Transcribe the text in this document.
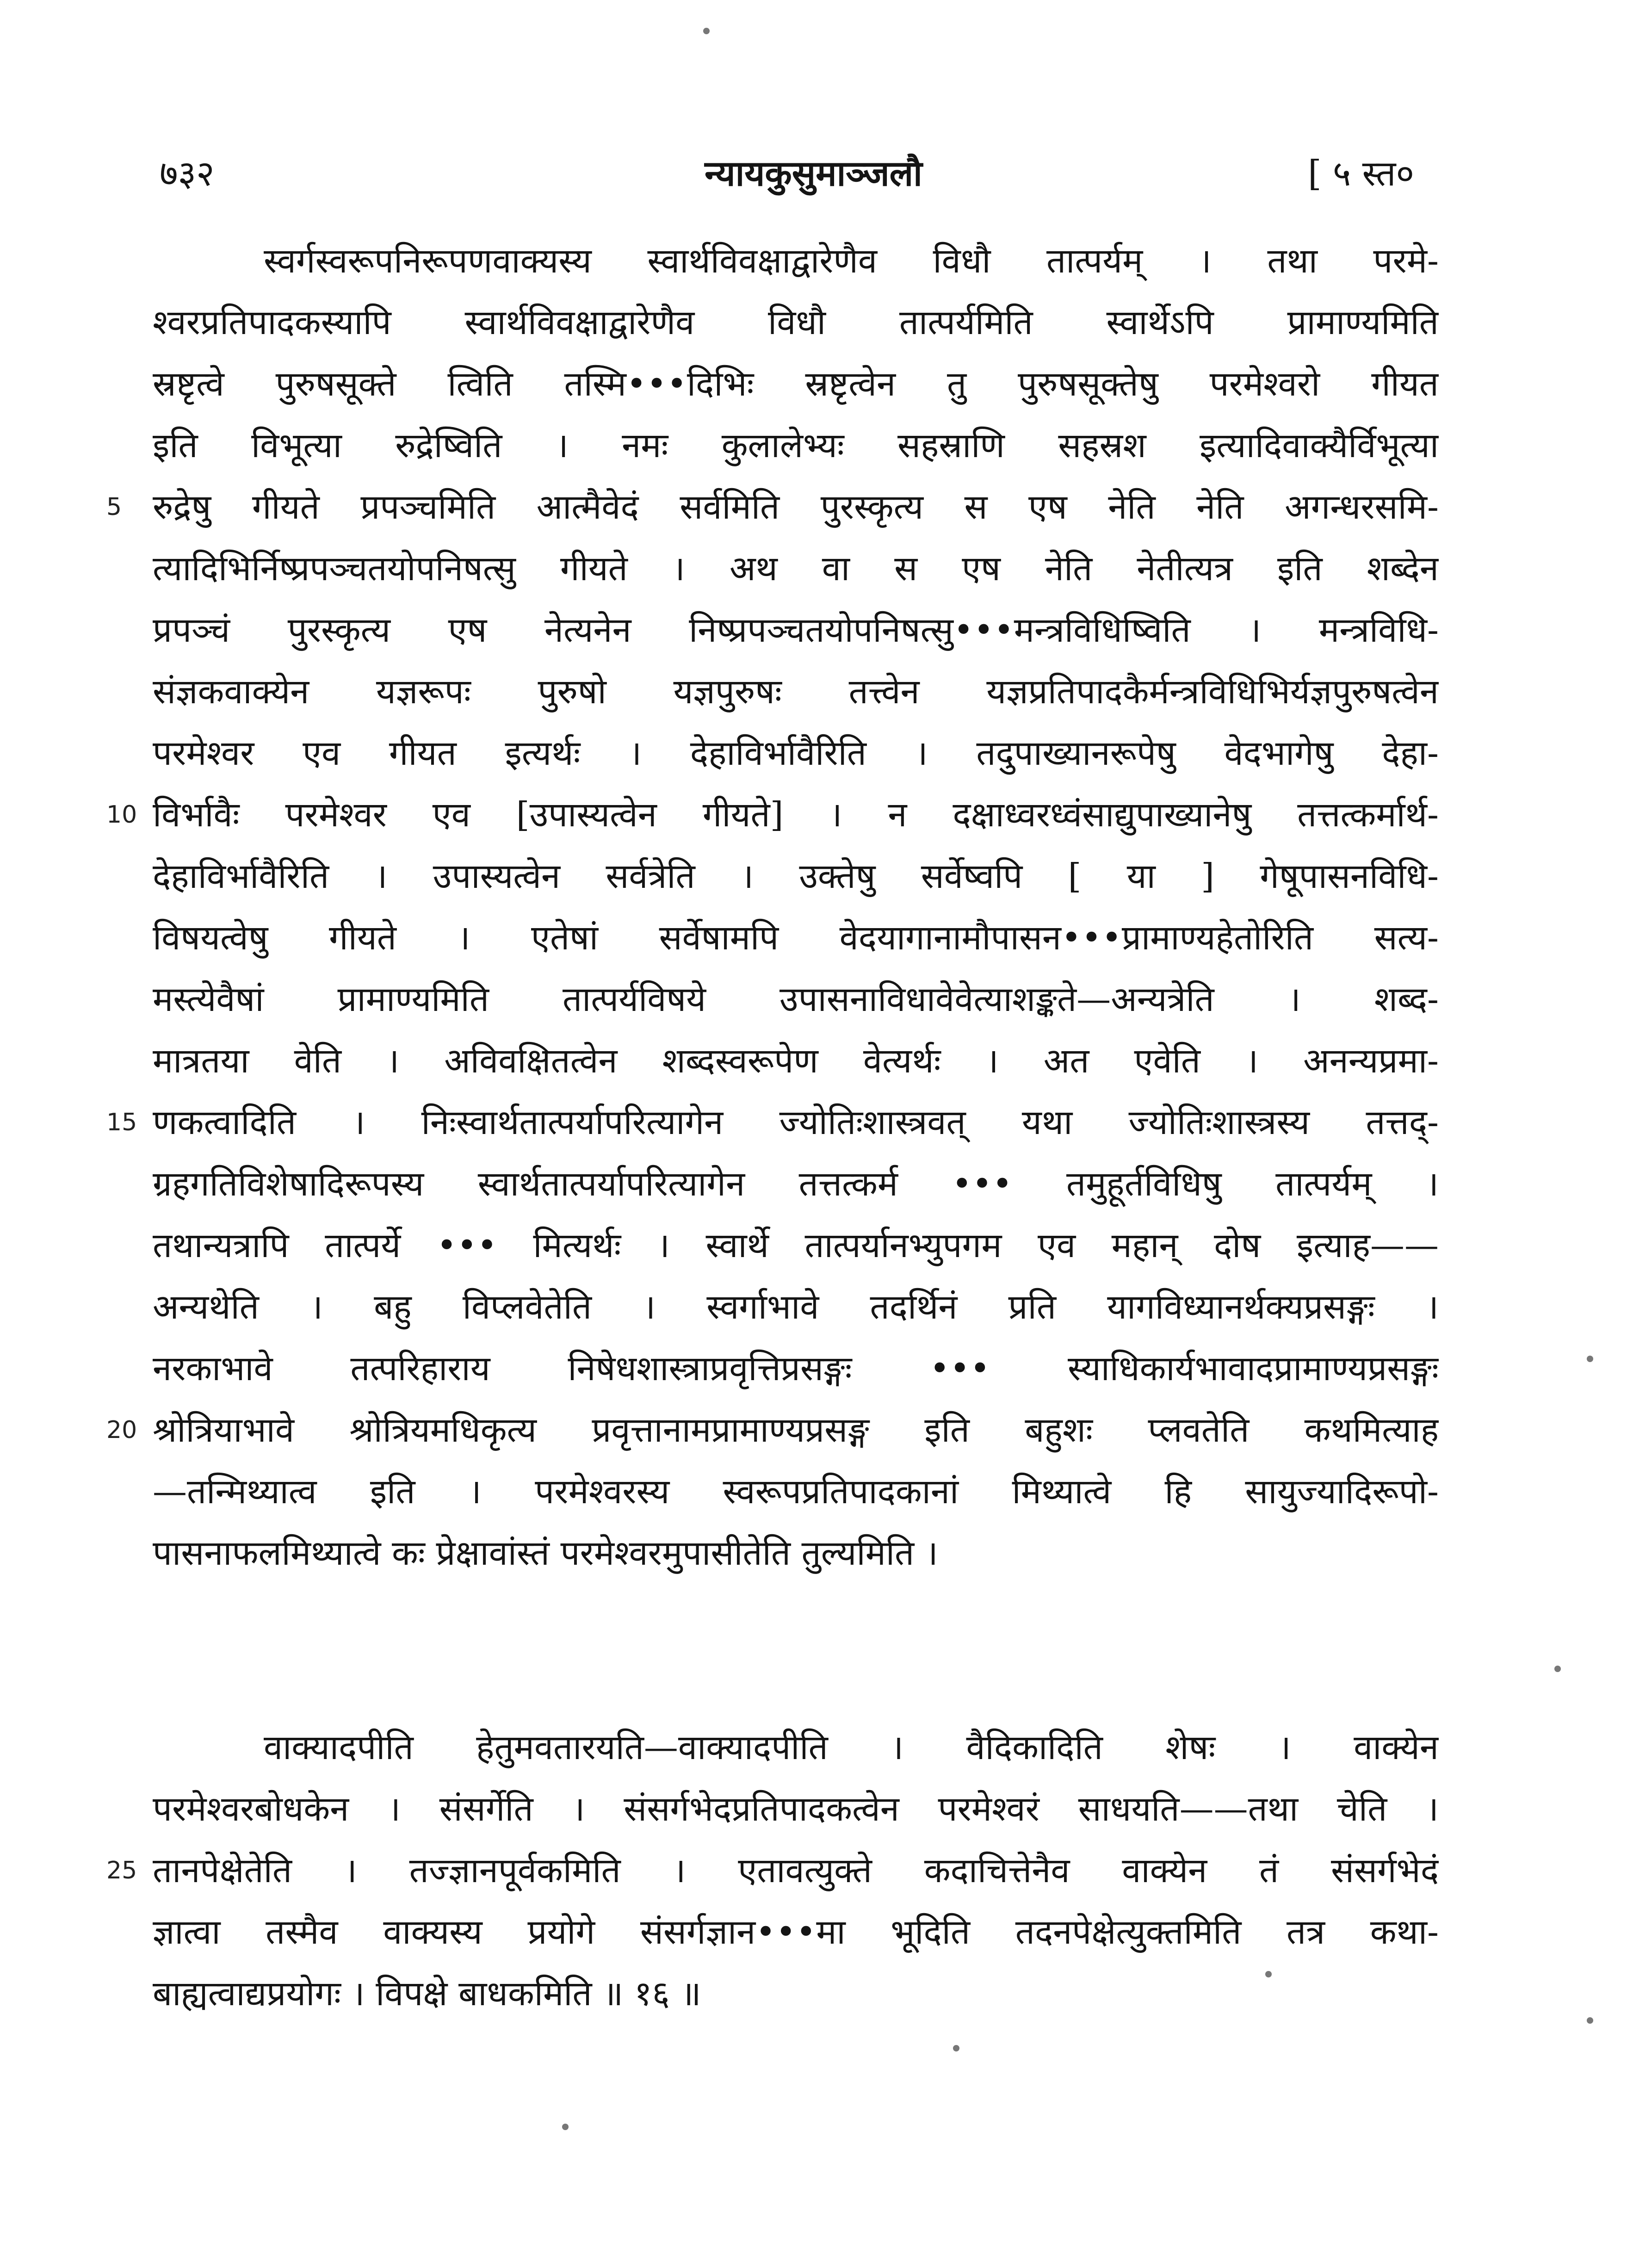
७३२	न्यायकुसुमाञ्जलौ	[ ५ स्त०
स्वर्गस्वरूपनिरूपणवाक्यस्य स्वार्थविवक्षाद्वारेणैव विधौ तात्पर्यम् । तथा परमे-
श्वरप्रतिपादकस्यापि स्वार्थविवक्षाद्वारेणैव विधौ तात्पर्यमिति स्वार्थेऽपि प्रामाण्यमिति
स्रष्टृत्वे पुरुषसूक्ते त्विति तस्मि•••दिभिः स्रष्टृत्वेन तु पुरुषसूक्तेषु परमेश्वरो गीयत
इति विभूत्या रुद्रेष्विति । नमः कुलालेभ्यः सहस्राणि सहस्रश इत्यादिवाक्यैर्विभूत्या
रुद्रेषु गीयते प्रपञ्चमिति आत्मैवेदं सर्वमिति पुरस्कृत्य स एष नेति नेति अगन्धरसमि-
5
त्यादिभिर्निष्प्रपञ्चतयोपनिषत्सु गीयते । अथ वा स एष नेति नेतीत्यत्र इति शब्देन
प्रपञ्चं पुरस्कृत्य एष नेत्यनेन निष्प्रपञ्चतयोपनिषत्सु•••मन्त्रविधिष्विति । मन्त्रविधि-
संज्ञकवाक्येन यज्ञरूपः पुरुषो यज्ञपुरुषः तत्त्वेन यज्ञप्रतिपादकैर्मन्त्रविधिभिर्यज्ञपुरुषत्वेन
परमेश्वर एव गीयत इत्यर्थः । देहाविर्भावैरिति । तदुपाख्यानरूपेषु वेदभागेषु देहा-
विर्भावैः परमेश्वर एव [उपास्यत्वेन गीयते] । न दक्षाध्वरध्वंसाद्युपाख्यानेषु तत्तत्कर्मार्थ-
10
देहाविर्भावैरिति । उपास्यत्वेन सर्वत्रेति । उक्तेषु सर्वेष्वपि [ या ] गेषूपासनविधि-
विषयत्वेषु गीयते । एतेषां सर्वेषामपि वेदयागानामौपासन•••प्रामाण्यहेतोरिति सत्य-
मस्त्येवैषां प्रामाण्यमिति तात्पर्यविषये उपासनाविधावेवेत्याशङ्कते—अन्यत्रेति । शब्द-
मात्रतया वेति । अविवक्षितत्वेन शब्दस्वरूपेण वेत्यर्थः । अत एवेति । अनन्यप्रमा-
णकत्वादिति । निःस्वार्थतात्पर्यापरित्यागेन ज्योतिःशास्त्रवत् यथा ज्योतिःशास्त्रस्य तत्तद्-
15
ग्रहगतिविशेषादिरूपस्य स्वार्थतात्पर्यापरित्यागेन तत्तत्कर्म ••• तमुहूर्तविधिषु तात्पर्यम् ।
तथान्यत्रापि तात्पर्ये ••• मित्यर्थः । स्वार्थे तात्पर्यानभ्युपगम एव महान् दोष इत्याह——
अन्यथेति । बहु विप्लवेतेति । स्वर्गाभावे तदर्थिनं प्रति यागविध्यानर्थक्यप्रसङ्गः ।
नरकाभावे तत्परिहाराय निषेधशास्त्राप्रवृत्तिप्रसङ्गः ••• स्याधिकार्यभावादप्रामाण्यप्रसङ्गः
श्रोत्रियाभावे श्रोत्रियमधिकृत्य प्रवृत्तानामप्रामाण्यप्रसङ्ग इति बहुशः प्लवतेति कथमित्याह
20
—तन्मिथ्यात्व इति । परमेश्वरस्य स्वरूपप्रतिपादकानां मिथ्यात्वे हि सायुज्यादिरूपो-
पासनाफलमिथ्यात्वे कः प्रेक्षावांस्तं परमेश्वरमुपासीतेति तुल्यमिति ।
वाक्यादपीति हेतुमवतारयति—वाक्यादपीति । वैदिकादिति शेषः । वाक्येन
परमेश्वरबोधकेन । संसर्गेति । संसर्गभेदप्रतिपादकत्वेन परमेश्वरं साधयति——तथा चेति ।
तानपेक्षेतेति । तज्ज्ञानपूर्वकमिति । एतावत्युक्ते कदाचित्तेनैव वाक्येन तं संसर्गभेदं
25
ज्ञात्वा तस्मैव वाक्यस्य प्रयोगे संसर्गज्ञान•••मा भूदिति तदनपेक्षेत्युक्तमिति तत्र कथा-
बाह्यत्वाद्यप्रयोगः । विपक्षे बाधकमिति ॥ १६ ॥
